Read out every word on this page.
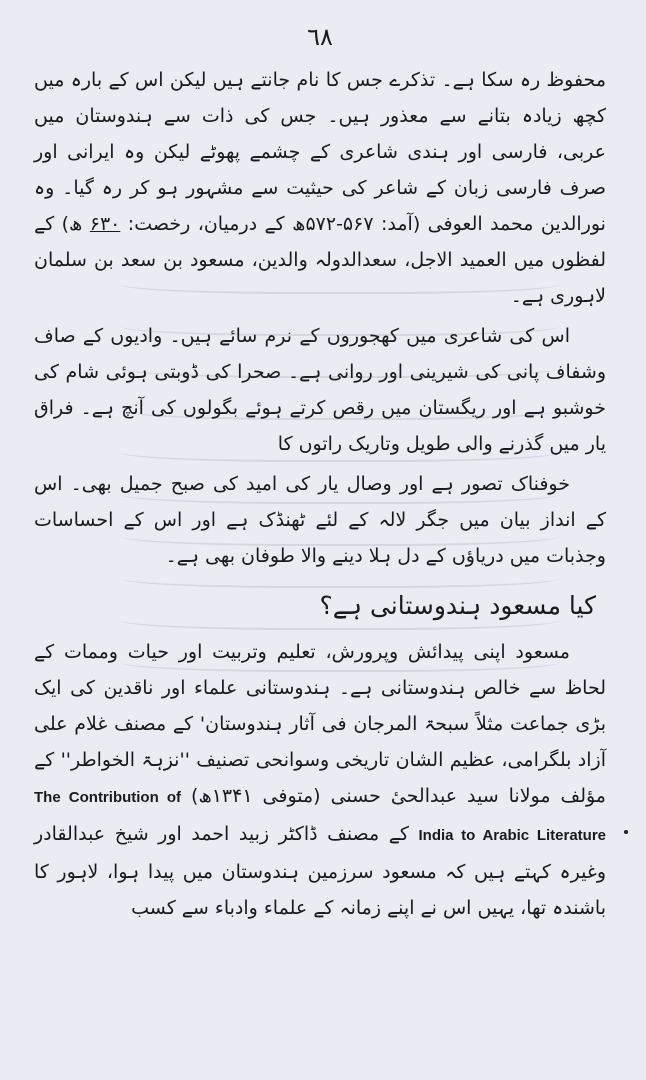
٦٨

محفوظ رہ سکا ہے۔ تذکرے جس کا نام جانتے ہیں لیکن اس کے بارہ میں کچھ زیادہ بتانے سے معذور ہیں۔ جس کی ذات سے ہندوستان میں عربی، فارسی اور ہندی شاعری کے چشمے پھوٹے لیکن وہ ایرانی اور صرف فارسی زبان کے شاعر کی حیثیت سے مشہور ہو کر رہ گیا۔ وہ نورالدین محمد العوفی (آمد: ۵۶۷-۵۷۲ھ کے درمیان، رخصت: ۶۳۰ ھ) کے لفظوں میں العمید الاجل، سعدالدولہ والدین، مسعود بن سعد بن سلمان لاہوری ہے۔

اس کی شاعری میں کھجوروں کے نرم سائے ہیں۔ وادیوں کے صاف وشفاف پانی کی شیرینی اور روانی ہے۔ صحرا کی ڈوبتی ہوئی شام کی خوشبو ہے اور ریگستان میں رقص کرتے ہوئے بگولوں کی آنچ ہے۔ فراق یار میں گذرنے والی طویل وتاریک راتوں کا

خوفناک تصور ہے اور وصال یار کی امید کی صبح جمیل بھی۔ اس کے انداز بیان میں جگر لالہ کے لئے ٹھنڈک ہے اور اس کے احساسات وجذبات میں دریاؤں کے دل ہلا دینے والا طوفان بھی ہے۔

کیا مسعود ہندوستانی ہے؟

مسعود اپنی پیدائش وپرورش، تعلیم وتربیت اور حیات وممات کے لحاظ سے خالص ہندوستانی ہے۔ ہندوستانی علماء اور ناقدین کی ایک بڑی جماعت مثلاً سبحۃ المرجان فی آثار ہندوستان' کے مصنف غلام علی آزاد بلگرامی، عظیم الشان تاریخی وسوانحی تصنیف ''نزہۃ الخواطر'' کے مؤلف مولانا سید عبدالحیٔ حسنی (متوفی ۱۳۴۱ھ) The Contribution of India to Arabic Literature کے مصنف ڈاکٹر زبید احمد اور شیخ عبدالقادر وغیرہ کہتے ہیں کہ مسعود سرزمین ہندوستان میں پیدا ہوا، لاہور کا باشندہ تھا، یہیں اس نے اپنے زمانہ کے علماء وادباء سے کسب
